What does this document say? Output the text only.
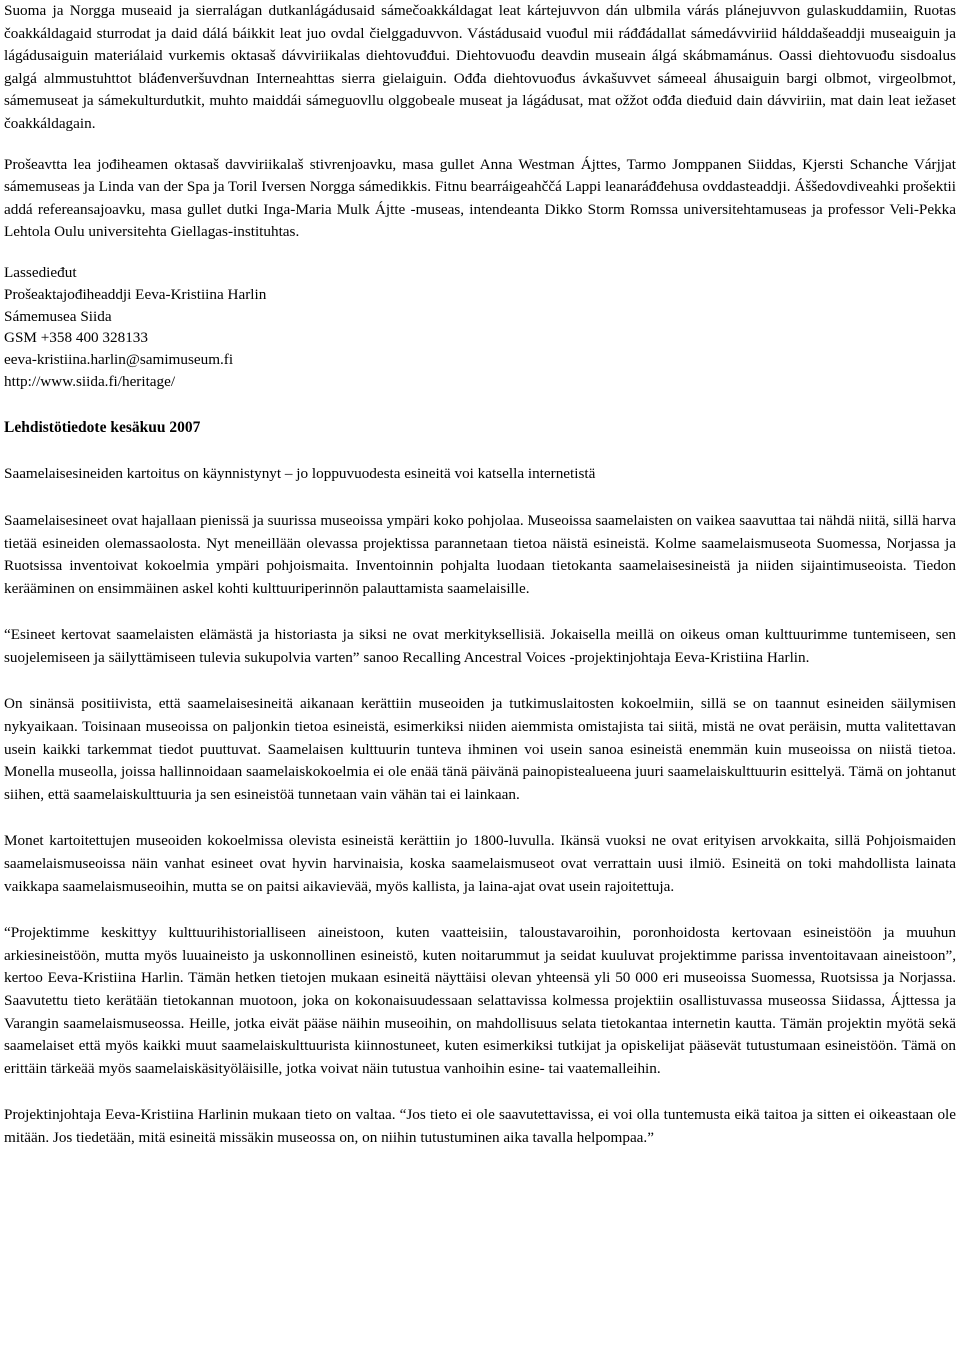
Suoma ja Norgga museaid ja sierralágan dutkanlágádusaid sámečoakkáldagat leat kártejuvvon dán ulbmila várás plánejuvvon gulaskuddamiin, Ruoŧas čoakkáldagaid sturrodat ja daid dálá báikkit leat juo ovdal čielggaduvvon. Vástádusaid vuođul mii ráđđádallat sámedávviriid hálddašeaddji museaiguin ja lágádusaiguin materiálaid vurkemis oktasaš dávviriikalas diehtovuđđui. Diehtovuođu deavdin museain álgá skábmamánus. Oassi diehtovuođu sisdoalus galgá almmustuhttot bláđenveršuvdnan Interneahttas sierra gielaiguin. Ođđa diehtovuođus ávkašuvvet sámeeal áhusaiguin bargi olbmot, virgeolbmot, sámemuseat ja sámekulturdutkit, muhto maiddái sámeguovllu olggobeale museat ja lágádusat, mat ožžot ođđa dieđuid dain dávviriin, mat dain leat iežaset čoakkáldagain.

Prošeavtta lea jođiheamen oktasaš davviriikalaš stivrenjoavku, masa gullet Anna Westman Ájttes, Tarmo Jomppanen Siiddas, Kjersti Schanche Várjjat sámemuseas ja Linda van der Spa ja Toril Iversen Norgga sámedikkis. Fitnu bearráigeahččá Lappi leanaráđđehusa ovddasteaddji. Áššedovdiveahki prošektii addá refereansajoavku, masa gullet dutki Inga-Maria Mulk Ájtte -museas, intendeanta Dikko Storm Romssa universitehtamuseas ja professor Veli-Pekka Lehtola Oulu universitehta Giellagas-instituhtas.

Lassedieđut

Prošeaktajođiheaddji Eeva-Kristiina Harlin

Sámemusea Siida

GSM +358 400 328133

eeva-kristiina.harlin@samimuseum.fi

http://www.siida.fi/heritage/

Lehdistötiedote kesäkuu 2007

Saamelaisesineiden kartoitus on käynnistynyt – jo loppuvuodesta esineitä voi katsella internetistä

Saamelaisesineet ovat hajallaan pienissä ja suurissa museoissa ympäri koko pohjolaa. Museoissa saamelaisten on vaikea saavuttaa tai nähdä niitä, sillä harva tietää esineiden olemassaolosta. Nyt meneillään olevassa projektissa parannetaan tietoa näistä esineistä. Kolme saamelaismuseota Suomessa, Norjassa ja Ruotsissa inventoivat kokoelmia ympäri pohjoismaita. Inventoinnin pohjalta luodaan tietokanta saamelaisesineistä ja niiden sijaintimuseoista. Tiedon kerääminen on ensimmäinen askel kohti kulttuuriperinnön palauttamista saamelaisille.

“Esineet kertovat saamelaisten elämästä ja historiasta ja siksi ne ovat merkityksellisiä. Jokaisella meillä on oikeus oman kulttuurimme tuntemiseen, sen suojelemiseen ja säilyttämiseen tulevia sukupolvia varten” sanoo Recalling Ancestral Voices -projektinjohtaja Eeva-Kristiina Harlin.

On sinänsä positiivista, että saamelaisesineitä aikanaan kerättiin museoiden ja tutkimuslaitosten kokoelmiin, sillä se on taannut esineiden säilymisen nykyaikaan. Toisinaan museoissa on paljonkin tietoa esineistä, esimerkiksi niiden aiemmista omistajista tai siitä, mistä ne ovat peräisin, mutta valitettavan usein kaikki tarkemmat tiedot puuttuvat. Saamelaisen kulttuurin tunteva ihminen voi usein sanoa esineistä enemmän kuin museoissa on niistä tietoa. Monella museolla, joissa hallinnoidaan saamelaiskokoelmia ei ole enää tänä päivänä painopistealueena juuri saamelaiskulttuurin esittelyä. Tämä on johtanut siihen, että saamelaiskulttuuria ja sen esineistöä tunnetaan vain vähän tai ei lainkaan.

Monet kartoitettujen museoiden kokoelmissa olevista esineistä kerättiin jo 1800-luvulla. Ikänsä vuoksi ne ovat erityisen arvokkaita, sillä Pohjoismaiden saamelaismuseoissa näin vanhat esineet ovat hyvin harvinaisia, koska saamelaismuseot ovat verrattain uusi ilmiö. Esineitä on toki mahdollista lainata vaikkapa saamelaismuseoihin, mutta se on paitsi aikavievää, myös kallista, ja laina-ajat ovat usein rajoitettuja.

“Projektimme keskittyy kulttuurihistorialliseen aineistoon, kuten vaatteisiin, taloustavaroihin, poronhoidosta kertovaan esineistöön ja muuhun arkiesineistöön, mutta myös luuaineisto ja uskonnollinen esineistö, kuten noitarummut ja seidat kuuluvat projektimme parissa inventoitavaan aineistoon”, kertoo Eeva-Kristiina Harlin. Tämän hetken tietojen mukaan esineitä näyttäisi olevan yhteensä yli 50 000 eri museoissa Suomessa, Ruotsissa ja Norjassa. Saavutettu tieto kerätään tietokannan muotoon, joka on kokonaisuudessaan selattavissa kolmessa projektiin osallistuvassa museossa Siidassa, Ájttessa ja Varangin saamelaismuseossa. Heille, jotka eivät pääse näihin museoihin, on mahdollisuus selata tietokantaa internetin kautta. Tämän projektin myötä sekä saamelaiset että myös kaikki muut saamelaiskulttuurista kiinnostuneet, kuten esimerkiksi tutkijat ja opiskelijat pääsevät tutustumaan esineistöön. Tämä on erittäin tärkeää myös saamelaiskäsityöläisille, jotka voivat näin tutustua vanhoihin esine- tai vaatemalleihin.

Projektinjohtaja Eeva-Kristiina Harlinin mukaan tieto on valtaa. “Jos tieto ei ole saavutettavissa, ei voi olla tuntemusta eikä taitoa ja sitten ei oikeastaan ole mitään. Jos tiedetään, mitä esineitä missäkin museossa on, on niihin tutustuminen aika tavalla helpompaa.”
